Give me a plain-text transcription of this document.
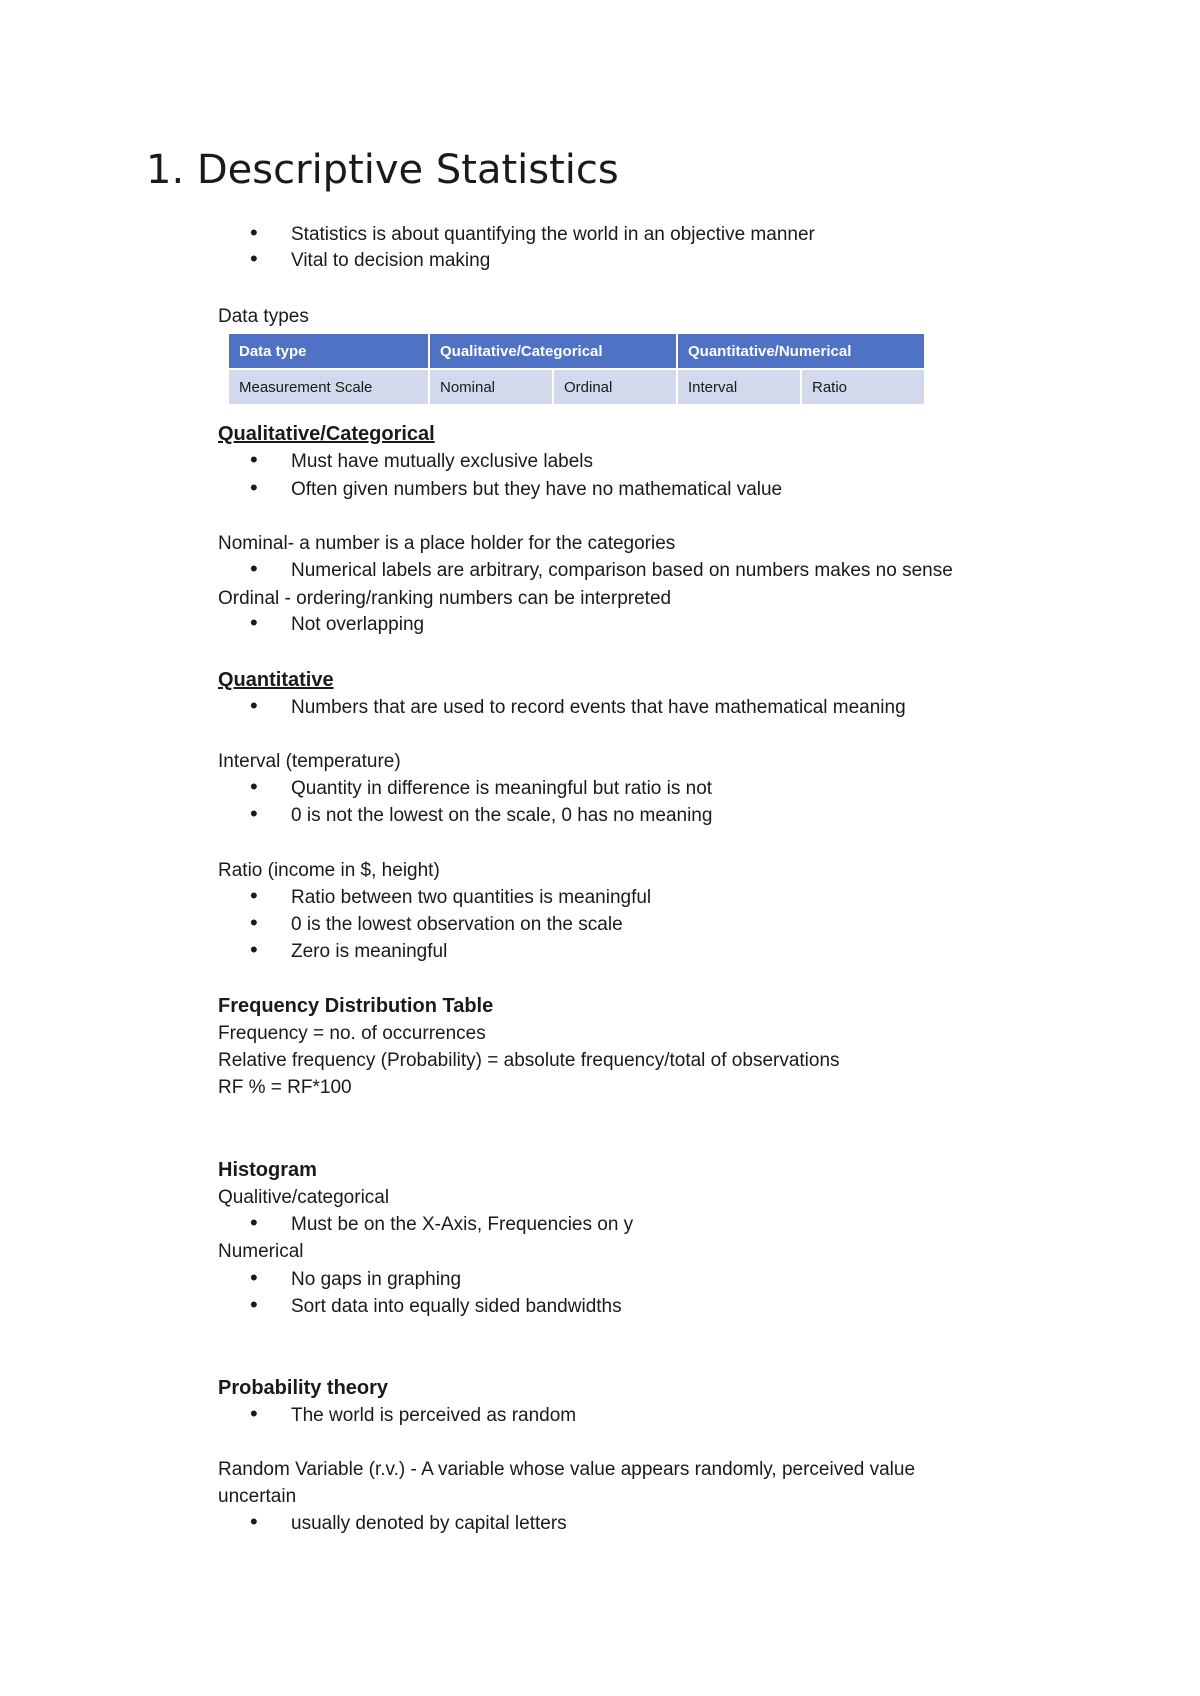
1. Descriptive Statistics

• Statistics is about quantifying the world in an objective manner

• Vital to decision making

Data types

Data type	Qualitative/Categorical		Quantitative/Numerical	
Measurement Scale	Nominal	Ordinal	Interval	Ratio

Qualitative/Categorical

• Must have mutually exclusive labels

• Often given numbers but they have no mathematical value

Nominal- a number is a place holder for the categories

• Numerical labels are arbitrary, comparison based on numbers makes no sense

Ordinal - ordering/ranking numbers can be interpreted

• Not overlapping

Quantitative

• Numbers that are used to record events that have mathematical meaning

Interval (temperature)

• Quantity in difference is meaningful but ratio is not

• 0 is not the lowest on the scale, 0 has no meaning

Ratio (income in $, height)

• Ratio between two quantities is meaningful

• 0 is the lowest observation on the scale

• Zero is meaningful

Frequency Distribution Table

Frequency = no. of occurrences

Relative frequency (Probability) = absolute frequency/total of observations

RF % = RF*100

Histogram

Qualitive/categorical

• Must be on the X-Axis, Frequencies on y

Numerical

• No gaps in graphing

• Sort data into equally sided bandwidths

Probability theory

• The world is perceived as random

Random Variable (r.v.) - A variable whose value appears randomly, perceived value

uncertain

• usually denoted by capital letters
